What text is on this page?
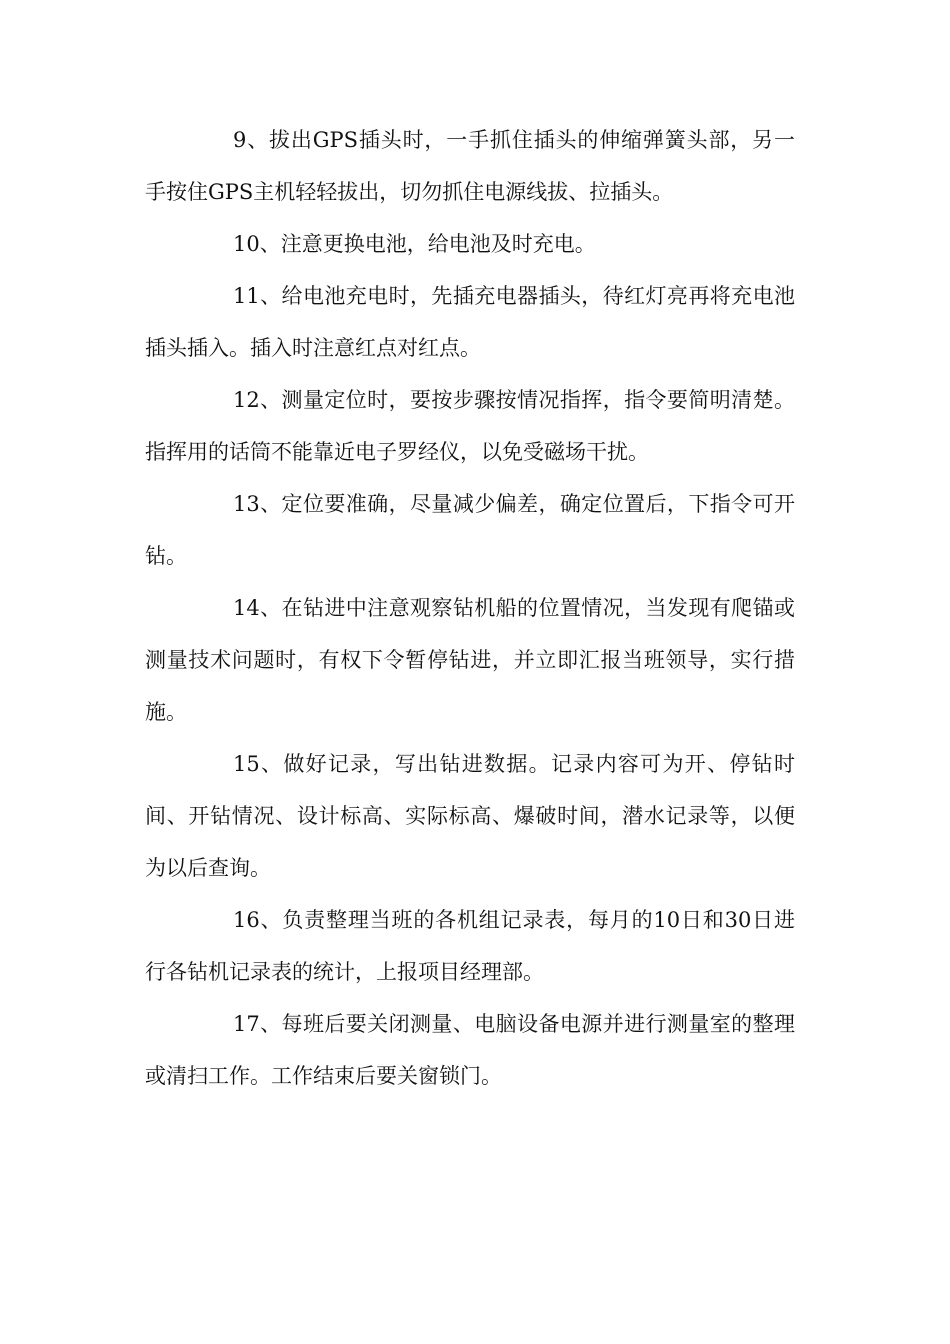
9、拔出GPS插头时，一手抓住插头的伸缩弹簧头部，另一手按住GPS主机轻轻拔出，切勿抓住电源线拔、拉插头。

10、注意更换电池，给电池及时充电。

11、给电池充电时，先插充电器插头，待红灯亮再将充电池插头插入。插入时注意红点对红点。

12、测量定位时，要按步骤按情况指挥，指令要简明清楚。指挥用的话筒不能靠近电子罗经仪，以免受磁场干扰。

13、定位要准确，尽量减少偏差，确定位置后，下指令可开钻。

14、在钻进中注意观察钻机船的位置情况，当发现有爬锚或测量技术问题时，有权下令暂停钻进，并立即汇报当班领导，实行措施。

15、做好记录，写出钻进数据。记录内容可为开、停钻时间、开钻情况、设计标高、实际标高、爆破时间，潜水记录等，以便为以后查询。

16、负责整理当班的各机组记录表，每月的10日和30日进行各钻机记录表的统计，上报项目经理部。

17、每班后要关闭测量、电脑设备电源并进行测量室的整理或清扫工作。工作结束后要关窗锁门。
